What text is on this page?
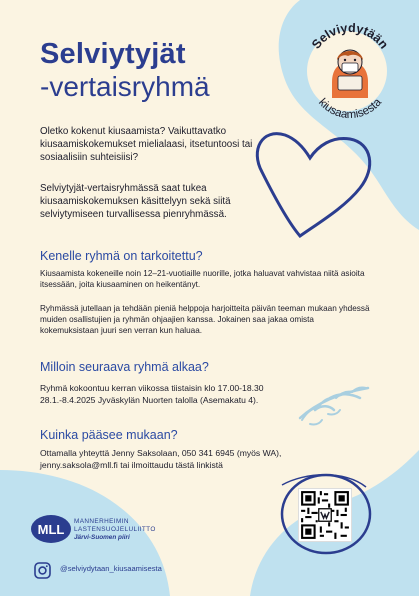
Selviydytään
kiusaamisesta
Selviytyjät
-vertaisryhmä
Oletko kokenut kiusaamista? Vaikuttavatko kiusaamiskokemukset mielialaasi, itsetuntoosi tai sosiaalisiin suhteisiisi?
Selviytyjät-vertaisryhmässä saat tukea kiusaamiskokemuksen käsittelyyn sekä siitä selviytymiseen turvallisessa pienryhmässä.
Kenelle ryhmä on tarkoitettu?
Kiusaamista kokeneille noin 12–21-vuotiaille nuorille, jotka haluavat vahvistaa niitä asioita itsessään, joita kiusaaminen on heikentänyt.
Ryhmässä jutellaan ja tehdään pieniä helppoja harjoitteita päivän teeman mukaan yhdessä muiden osallistujien ja ryhmän ohjaajien kanssa. Jokainen saa jakaa omista kokemuksistaan juuri sen verran kun haluaa.
Milloin seuraava ryhmä alkaa?
Ryhmä kokoontuu kerran viikossa tiistaisin klo 17.00-18.30
28.1.-8.4.2025 Jyväskylän Nuorten talolla (Asemakatu 4).
Kuinka pääsee mukaan?
Ottamalla yhteyttä Jenny Saksolaan, 050 341 6945 (myös WA),
jenny.saksola@mll.fi tai ilmoittaudu tästä linkistä
MLL
MANNERHEIMIN
LASTENSUOJELULIITTO
Järvi-Suomen piiri
@selviydytaan_kiusaamisesta
